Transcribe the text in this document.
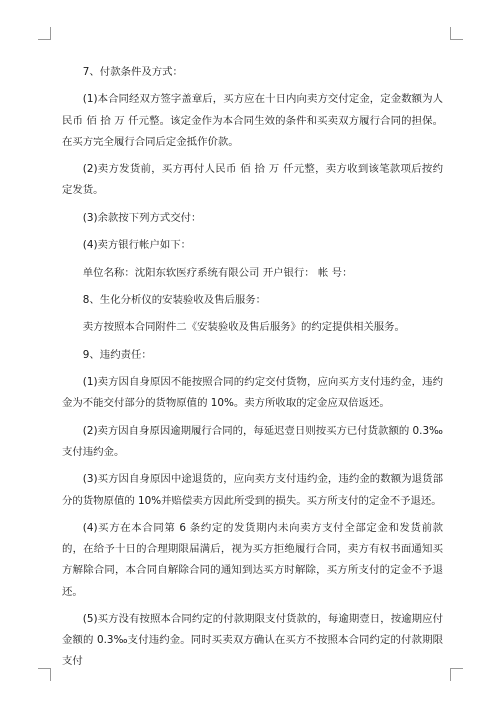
7、付款条件及方式：

(1)本合同经双方签字盖章后，买方应在十日内向卖方交付定金，定金数额为人民币 佰 拾 万 仟元整。该定金作为本合同生效的条件和买卖双方履行合同的担保。在买方完全履行合同后定金抵作价款。

(2)卖方发货前，买方再付人民币 佰 拾 万 仟元整，卖方收到该笔款项后按约定发货。

(3)余款按下列方式交付：

(4)卖方银行帐户如下：

单位名称：沈阳东软医疗系统有限公司 开户银行： 帐 号：

8、生化分析仪的安装验收及售后服务：

卖方按照本合同附件二《安装验收及售后服务》的约定提供相关服务。

9、违约责任：

(1)卖方因自身原因不能按照合同的约定交付货物，应向买方支付违约金，违约金为不能交付部分的货物原值的 10%。卖方所收取的定金应双倍返还。

(2)卖方因自身原因逾期履行合同的，每延迟壹日则按买方已付货款额的 0.3‰支付违约金。

(3)买方因自身原因中途退货的，应向卖方支付违约金，违约金的数额为退货部分的货物原值的 10%并赔偿卖方因此所受到的损失。买方所支付的定金不予退还。

(4)买方在本合同第 6 条约定的发货期内未向卖方支付全部定金和发货前款的，在给予十日的合理期限届满后，视为买方拒绝履行合同，卖方有权书面通知买方解除合同，本合同自解除合同的通知到达买方时解除，买方所支付的定金不予退还。

(5)买方没有按照本合同约定的付款期限支付货款的，每逾期壹日，按逾期应付金额的 0.3‰支付违约金。同时买卖双方确认在买方不按照本合同约定的付款期限支付
